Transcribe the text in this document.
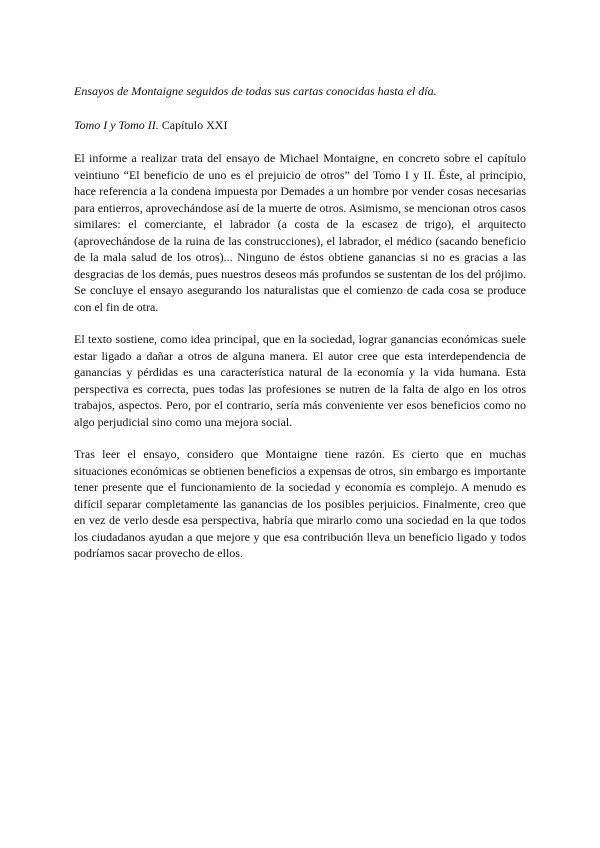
Ensayos de Montaigne seguidos de todas sus cartas conocidas hasta el día.

Tomo I y Tomo II. Capítulo XXI

El informe a realizar trata del ensayo de Michael Montaigne, en concreto sobre el capítulo veintiuno “El beneficio de uno es el prejuicio de otros” del Tomo I y II. Éste, al principio, hace referencia a la condena impuesta por Demades a un hombre por vender cosas necesarias para entierros, aprovechándose así de la muerte de otros. Asimismo, se mencionan otros casos similares: el comerciante, el labrador (a costa de la escasez de trigo), el arquitecto (aprovechándose de la ruina de las construcciones), el labrador, el médico (sacando beneficio de la mala salud de los otros)... Ninguno de éstos obtiene ganancias si no es gracias a las desgracias de los demás, pues nuestros deseos más profundos se sustentan de los del prójimo. Se concluye el ensayo asegurando los naturalistas que el comienzo de cada cosa se produce con el fin de otra.

El texto sostiene, como idea principal, que en la sociedad, lograr ganancias económicas suele estar ligado a dañar a otros de alguna manera. El autor cree que esta interdependencia de ganancias y pérdidas es una característica natural de la economía y la vida humana. Esta perspectiva es correcta, pues todas las profesiones se nutren de la falta de algo en los otros trabajos, aspectos. Pero, por el contrario, sería más conveniente ver esos beneficios como no algo perjudicial sino como una mejora social.

Tras leer el ensayo, considero que Montaigne tiene razón. Es cierto que en muchas situaciones económicas se obtienen beneficios a expensas de otros, sin embargo es importante tener presente que el funcionamiento de la sociedad y economía es complejo. A menudo es difícil separar completamente las ganancias de los posibles perjuicios. Finalmente, creo que en vez de verlo desde esa perspectiva, habría que mirarlo como una sociedad en la que todos los ciudadanos ayudan a que mejore y que esa contribución lleva un beneficio ligado y todos podríamos sacar provecho de ellos.
